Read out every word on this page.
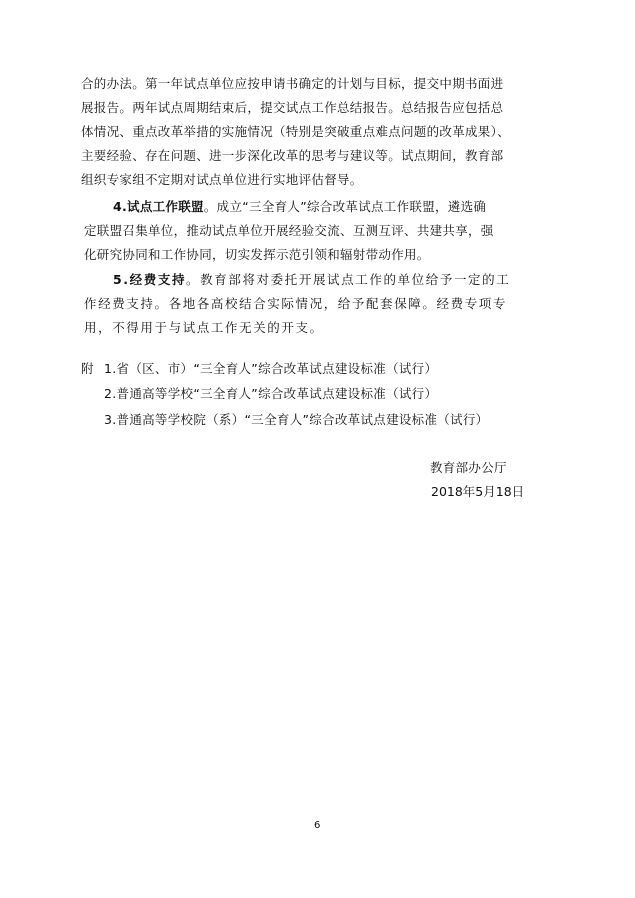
合的办法。第一年试点单位应按申请书确定的计划与目标，提交中期书面进
展报告。两年试点周期结束后，提交试点工作总结报告。总结报告应包括总
体情况、重点改革举措的实施情况（特别是突破重点难点问题的改革成果）、
主要经验、存在问题、进一步深化改革的思考与建议等。试点期间，教育部
组织专家组不定期对试点单位进行实地评估督导。
4.试点工作联盟。成立“三全育人”综合改革试点工作联盟，遴选确
定联盟召集单位，推动试点单位开展经验交流、互测互评、共建共享，强
化研究协同和工作协同，切实发挥示范引领和辐射带动作用。
5.经费支持。教育部将对委托开展试点工作的单位给予一定的工
作经费支持。各地各高校结合实际情况，给予配套保障。经费专项专
用，不得用于与试点工作无关的开支。
附 1.省（区、市）“三全育人”综合改革试点建设标准（试行）
2.普通高等学校“三全育人”综合改革试点建设标准（试行）
3.普通高等学校院（系）“三全育人”综合改革试点建设标准（试行）
教育部办公厅
2018年5月18日
6
